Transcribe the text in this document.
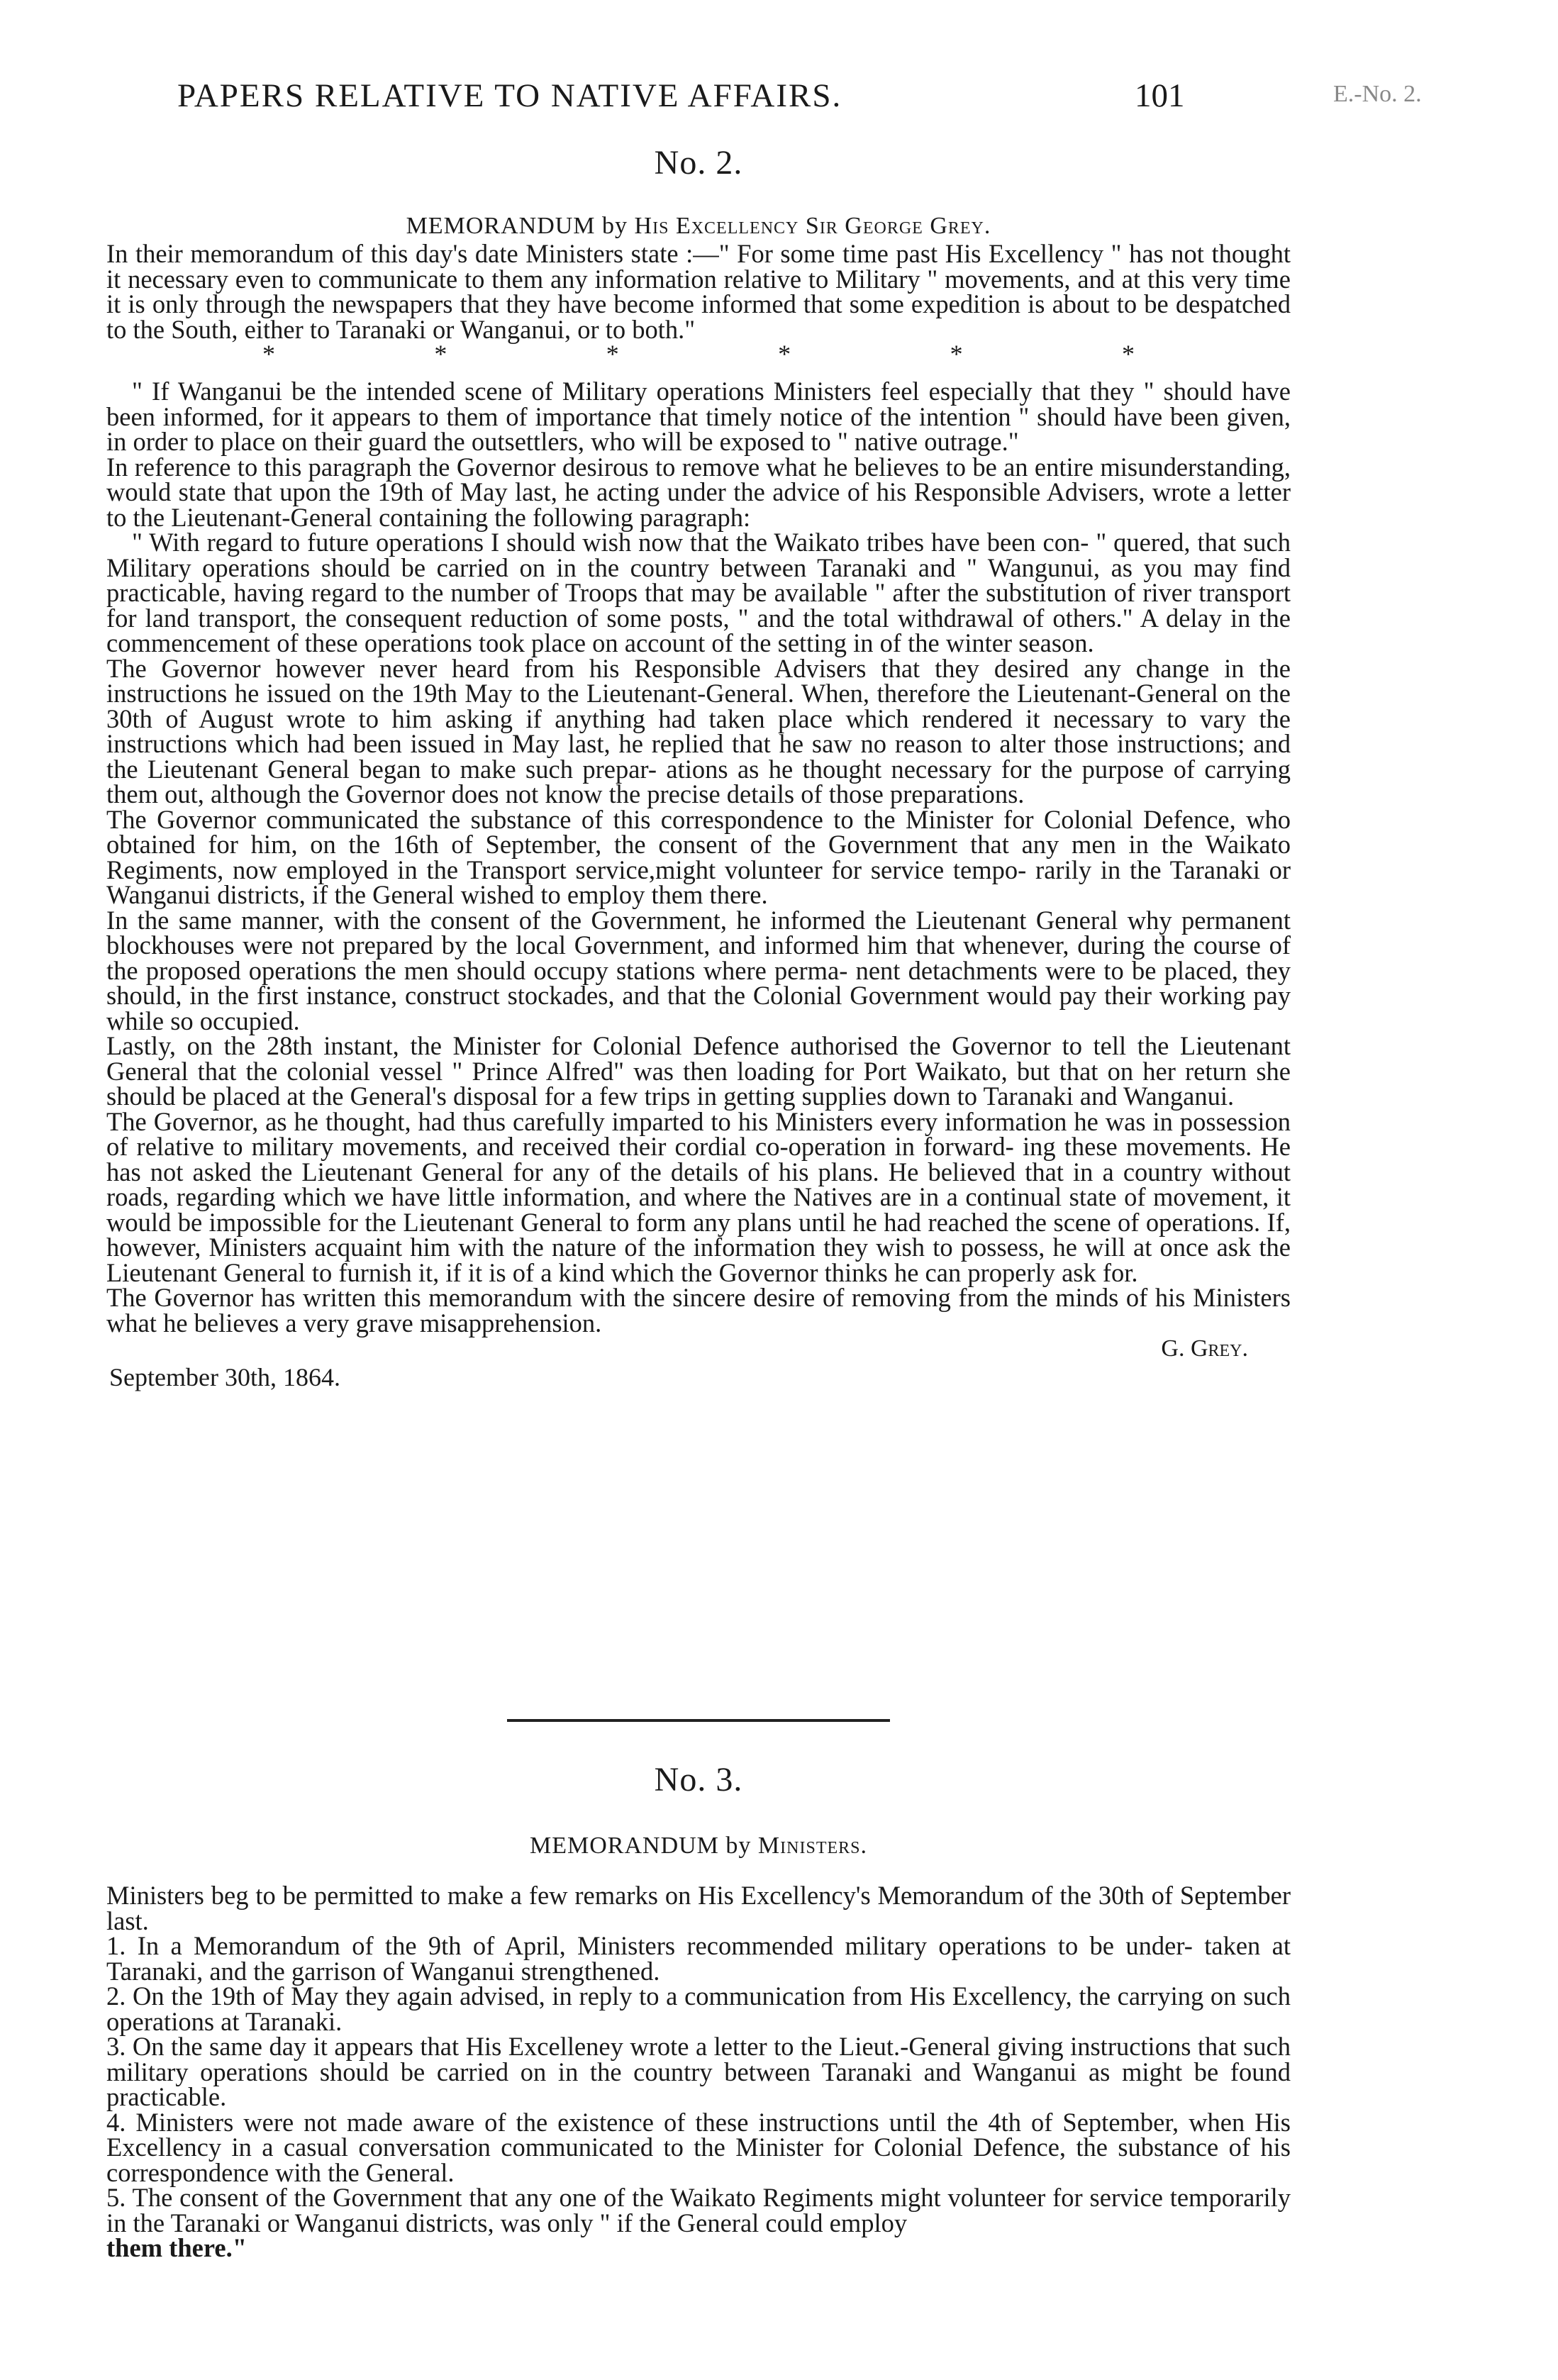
PAPERS RELATIVE TO NATIVE AFFAIRS.	101	E.-No. 2.
No. 2.
MEMORANDUM by His Excellency Sir George Grey.

In their memorandum of this day's date Ministers state :—" For some time past His Excellency " has not thought it necessary even to communicate to them any information relative to Military " movements, and at this very time it is only through the newspapers that they have become informed that some expedition is about to be despatched to the South, either to Taranaki or Wanganui, or to both."

*	*	*	*	*	*

" If Wanganui be the intended scene of Military operations Ministers feel especially that they " should have been informed, for it appears to them of importance that timely notice of the intention " should have been given, in order to place on their guard the outsettlers, who will be exposed to " native outrage."

In reference to this paragraph the Governor desirous to remove what he believes to be an entire misunderstanding, would state that upon the 19th of May last, he acting under the advice of his Responsible Advisers, wrote a letter to the Lieutenant-General containing the following paragraph:

" With regard to future operations I should wish now that the Waikato tribes have been con- " quered, that such Military operations should be carried on in the country between Taranaki and " Wangunui, as you may find practicable, having regard to the number of Troops that may be available " after the substitution of river transport for land transport, the consequent reduction of some posts, " and the total withdrawal of others." A delay in the commencement of these operations took place on account of the setting in of the winter season.

The Governor however never heard from his Responsible Advisers that they desired any change in the instructions he issued on the 19th May to the Lieutenant-General. When, therefore the Lieutenant-General on the 30th of August wrote to him asking if anything had taken place which rendered it necessary to vary the instructions which had been issued in May last, he replied that he saw no reason to alter those instructions; and the Lieutenant General began to make such prepar- ations as he thought necessary for the purpose of carrying them out, although the Governor does not know the precise details of those preparations.

The Governor communicated the substance of this correspondence to the Minister for Colonial Defence, who obtained for him, on the 16th of September, the consent of the Government that any men in the Waikato Regiments, now employed in the Transport service,might volunteer for service tempo- rarily in the Taranaki or Wanganui districts, if the General wished to employ them there.

In the same manner, with the consent of the Government, he informed the Lieutenant General why permanent blockhouses were not prepared by the local Government, and informed him that whenever, during the course of the proposed operations the men should occupy stations where perma- nent detachments were to be placed, they should, in the first instance, construct stockades, and that the Colonial Government would pay their working pay while so occupied.

Lastly, on the 28th instant, the Minister for Colonial Defence authorised the Governor to tell the Lieutenant General that the colonial vessel " Prince Alfred" was then loading for Port Waikato, but that on her return she should be placed at the General's disposal for a few trips in getting supplies down to Taranaki and Wanganui.

The Governor, as he thought, had thus carefully imparted to his Ministers every information he was in possession of relative to military movements, and received their cordial co-operation in forward- ing these movements. He has not asked the Lieutenant General for any of the details of his plans. He believed that in a country without roads, regarding which we have little information, and where the Natives are in a continual state of movement, it would be impossible for the Lieutenant General to form any plans until he had reached the scene of operations. If, however, Ministers acquaint him with the nature of the information they wish to possess, he will at once ask the Lieutenant General to furnish it, if it is of a kind which the Governor thinks he can properly ask for.

The Governor has written this memorandum with the sincere desire of removing from the minds of his Ministers what he believes a very grave misapprehension.

G. Grey.
September 30th, 1864.
No. 3.
MEMORANDUM by Ministers.

Ministers beg to be permitted to make a few remarks on His Excellency's Memorandum of the 30th of September last.

1. In a Memorandum of the 9th of April, Ministers recommended military operations to be under- taken at Taranaki, and the garrison of Wanganui strengthened.

2. On the 19th of May they again advised, in reply to a communication from His Excellency, the carrying on such operations at Taranaki.

3. On the same day it appears that His Excelleney wrote a letter to the Lieut.-General giving instructions that such military operations should be carried on in the country between Taranaki and Wanganui as might be found practicable.

4. Ministers were not made aware of the existence of these instructions until the 4th of September, when His Excellency in a casual conversation communicated to the Minister for Colonial Defence, the substance of his correspondence with the General.

5. The consent of the Government that any one of the Waikato Regiments might volunteer for service temporarily in the Taranaki or Wanganui districts, was only " if the General could employ

them there."
